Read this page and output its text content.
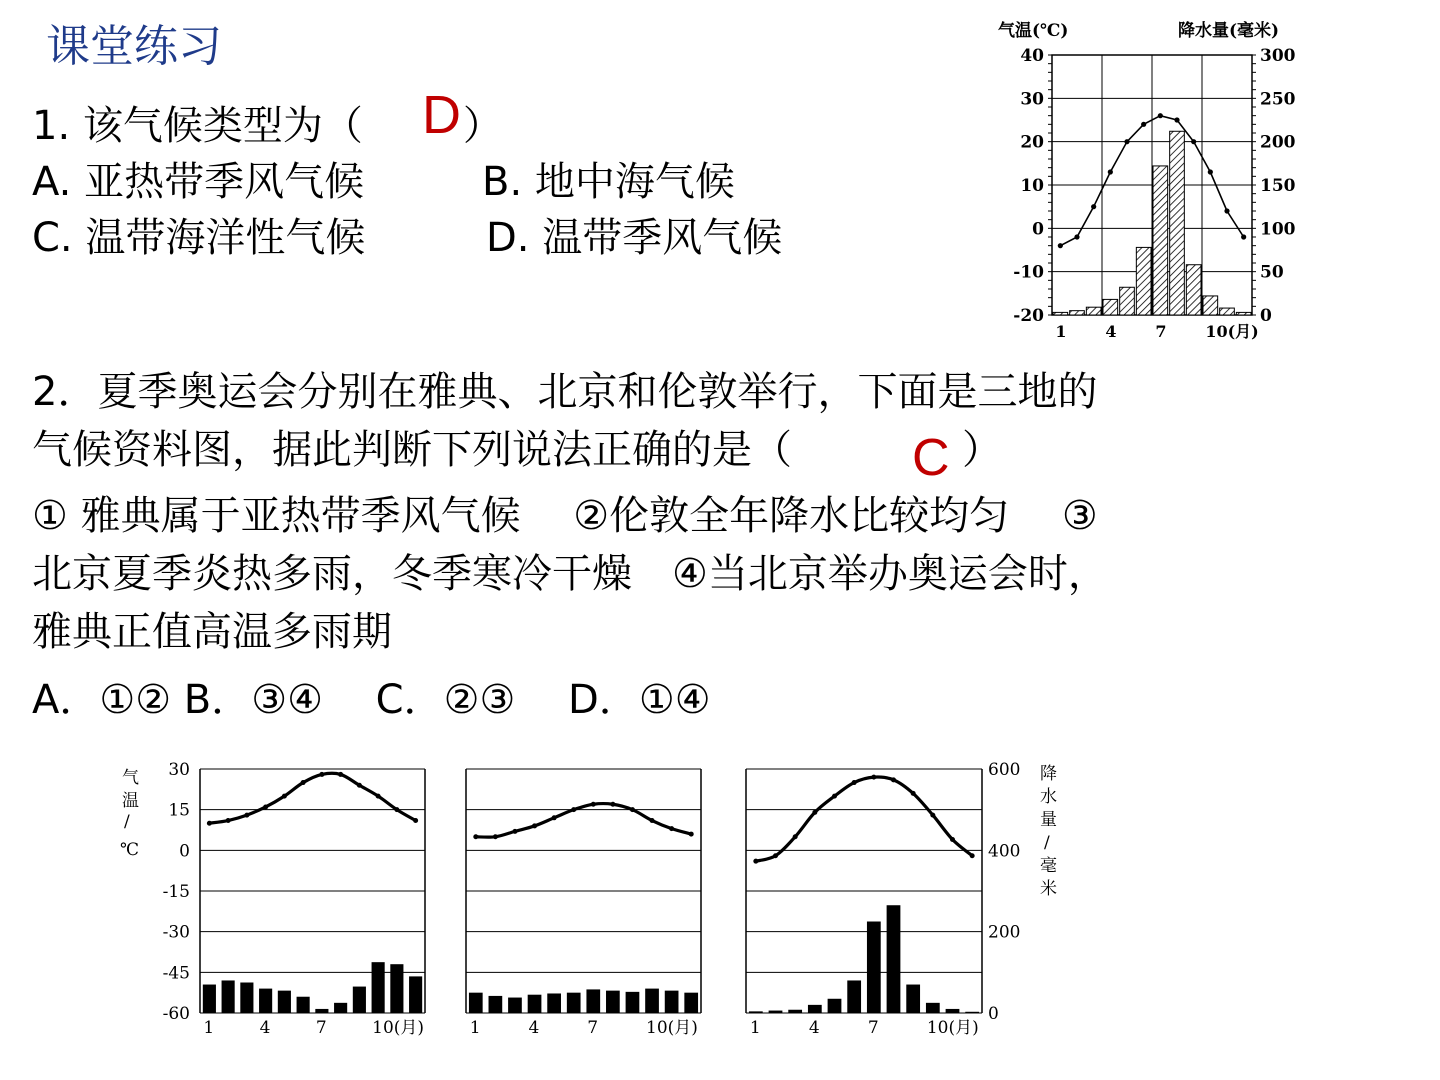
课堂练习
1. 该气候类型为（	）
D
A. 亚热带季风气候	B. 地中海气候
C. 温带海洋性气候	D. 温带季风气候
2．夏季奥运会分别在雅典、北京和伦敦举行，下面是三地的
气候资料图，据此判断下列说法正确的是（	）
C
① 雅典属于亚热带季风气候　 ②伦敦全年降水比较均匀　 ③
北京夏季炎热多雨，冬季寒冷干燥　④当北京举办奥运会时，
雅典正值高温多雨期
A．①② B．③④　 C．②③　 D．①④
气温(℃)	降水量(毫米)
40
30
20
10
0
-10
-20
300
250
200
150
100
50
0
1 4 7 10(月)
气
温
/
℃
降
水
量
/
毫
米
30
15
0
-15
-30
-45
-60
1	4	7	10(月)	1	4	7	10(月)
600
400
200
0
1	4	7	10(月)
